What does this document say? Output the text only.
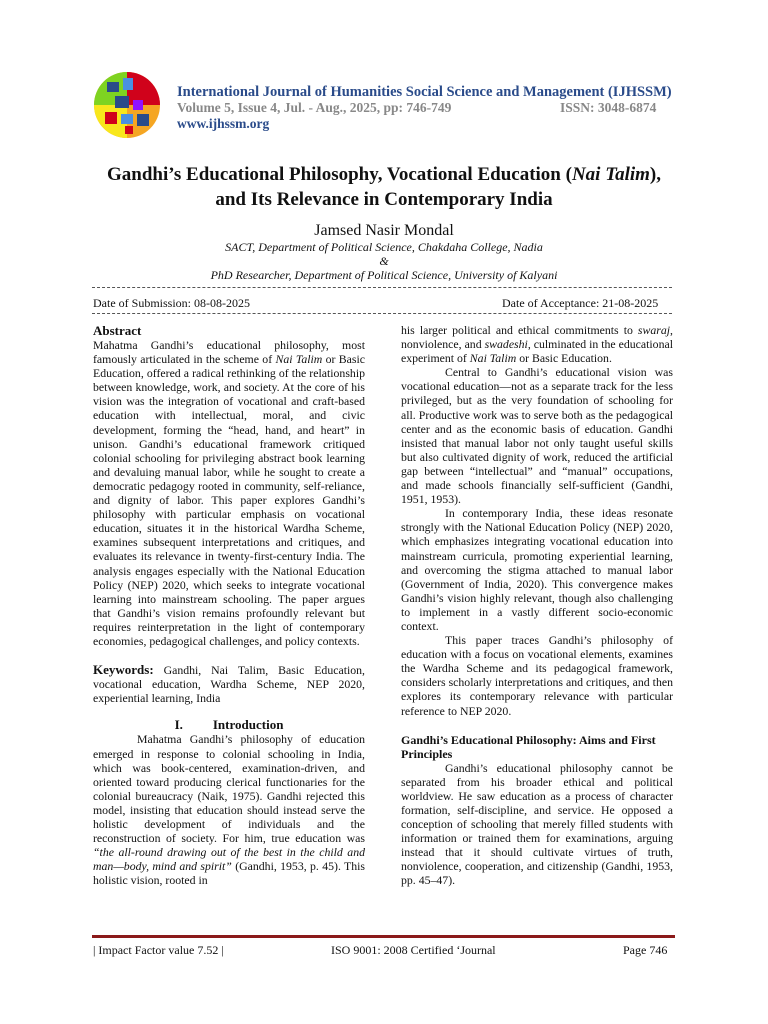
International Journal of Humanities Social Science and Management (IJHSSM)
Volume 5, Issue 4, Jul. - Aug., 2025, pp: 746-749	ISSN: 3048-6874
www.ijhssm.org
Gandhi’s Educational Philosophy, Vocational Education (Nai Talim), and Its Relevance in Contemporary India
Jamsed Nasir Mondal
SACT, Department of Political Science, Chakdaha College, Nadia
&
PhD Researcher, Department of Political Science, University of Kalyani
Date of Submission: 08-08-2025	Date of Acceptance: 21-08-2025
Abstract

Mahatma Gandhi’s educational philosophy, most famously articulated in the scheme of Nai Talim or Basic Education, offered a radical rethinking of the relationship between knowledge, work, and society. At the core of his vision was the integration of vocational and craft-based education with intellectual, moral, and civic development, forming the “head, hand, and heart” in unison. Gandhi’s educational framework critiqued colonial schooling for privileging abstract book learning and devaluing manual labor, while he sought to create a democratic pedagogy rooted in community, self-reliance, and dignity of labor. This paper explores Gandhi’s philosophy with particular emphasis on vocational education, situates it in the historical Wardha Scheme, examines subsequent interpretations and critiques, and evaluates its relevance in twenty-first-century India. The analysis engages especially with the National Education Policy (NEP) 2020, which seeks to integrate vocational learning into mainstream schooling. The paper argues that Gandhi’s vision remains profoundly relevant but requires reinterpretation in the light of contemporary economies, pedagogical challenges, and policy contexts.

Keywords: Gandhi, Nai Talim, Basic Education, vocational education, Wardha Scheme, NEP 2020, experiential learning, India

I. Introduction

Mahatma Gandhi’s philosophy of education emerged in response to colonial schooling in India, which was book-centered, examination-driven, and oriented toward producing clerical functionaries for the colonial bureaucracy (Naik, 1975). Gandhi rejected this model, insisting that education should instead serve the holistic development of individuals and the reconstruction of society. For him, true education was “the all-round drawing out of the best in the child and man—body, mind and spirit” (Gandhi, 1953, p. 45). This holistic vision, rooted in

his larger political and ethical commitments to swaraj, nonviolence, and swadeshi, culminated in the educational experiment of Nai Talim or Basic Education.

Central to Gandhi’s educational vision was vocational education—not as a separate track for the less privileged, but as the very foundation of schooling for all. Productive work was to serve both as the pedagogical center and as the economic basis of education. Gandhi insisted that manual labor not only taught useful skills but also cultivated dignity of work, reduced the artificial gap between “intellectual” and “manual” occupations, and made schools financially self-sufficient (Gandhi, 1951, 1953).

In contemporary India, these ideas resonate strongly with the National Education Policy (NEP) 2020, which emphasizes integrating vocational education into mainstream curricula, promoting experiential learning, and overcoming the stigma attached to manual labor (Government of India, 2020). This convergence makes Gandhi’s vision highly relevant, though also challenging to implement in a vastly different socio-economic context.

This paper traces Gandhi’s philosophy of education with a focus on vocational elements, examines the Wardha Scheme and its pedagogical framework, considers scholarly interpretations and critiques, and then explores its contemporary relevance with particular reference to NEP 2020.

Gandhi’s Educational Philosophy: Aims and First Principles

Gandhi’s educational philosophy cannot be separated from his broader ethical and political worldview. He saw education as a process of character formation, self-discipline, and service. He opposed a conception of schooling that merely filled students with information or trained them for examinations, arguing instead that it should cultivate virtues of truth, nonviolence, cooperation, and citizenship (Gandhi, 1953, pp. 45–47).

| Impact Factor value 7.52 |	ISO 9001: 2008 Certified ‘Journal	Page 746
